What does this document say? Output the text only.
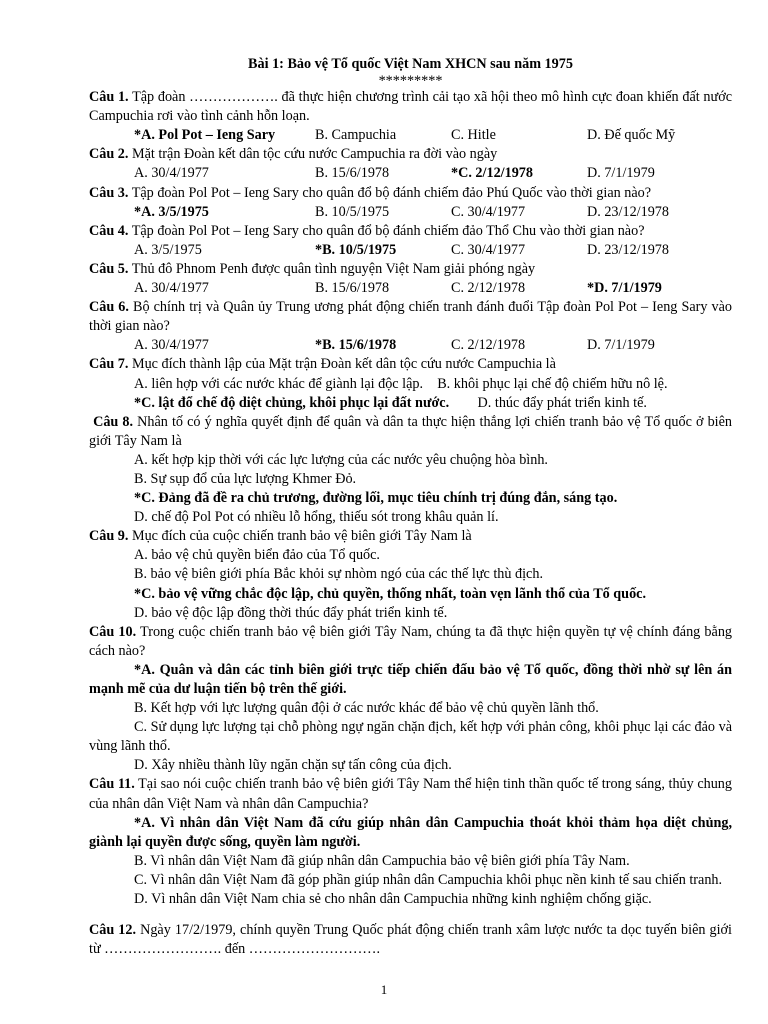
Bài 1: Bảo vệ Tổ quốc Việt Nam XHCN sau năm 1975

*********

Câu 1. Tập đoàn ………………. đã thực hiện chương trình cải tạo xã hội theo mô hình cực đoan khiến đất nước Campuchia rơi vào tình cảnh hỗn loạn.

*A. Pol Pot – Ieng Sary	B. Campuchia	C. Hitle	D. Đế quốc Mỹ

Câu 2. Mặt trận Đoàn kết dân tộc cứu nước Campuchia ra đời vào ngày

A. 30/4/1977	B. 15/6/1978	*C. 2/12/1978	D. 7/1/1979

Câu 3. Tập đoàn Pol Pot – Ieng Sary cho quân đổ bộ đánh chiếm đảo Phú Quốc vào thời gian nào?

*A. 3/5/1975	B. 10/5/1975	C. 30/4/1977	D. 23/12/1978

Câu 4. Tập đoàn Pol Pot – Ieng Sary cho quân đổ bộ đánh chiếm đảo Thổ Chu vào thời gian nào?

A. 3/5/1975	*B. 10/5/1975	C. 30/4/1977	D. 23/12/1978

Câu 5. Thủ đô Phnom Penh được quân tình nguyện Việt Nam giải phóng ngày

A. 30/4/1977	B. 15/6/1978	C. 2/12/1978	*D. 7/1/1979

Câu 6. Bộ chính trị và Quân ủy Trung ương phát động chiến tranh đánh đuổi Tập đoàn Pol Pot – Ieng Sary vào thời gian nào?

A. 30/4/1977	*B. 15/6/1978	C. 2/12/1978	D. 7/1/1979

Câu 7. Mục đích thành lập của Mặt trận Đoàn kết dân tộc cứu nước Campuchia là

A. liên hợp với các nước khác để giành lại độc lập.    B. khôi phục lại chế độ chiếm hữu nô lệ.

*C. lật đổ chế độ diệt chủng, khôi phục lại đất nước.        D. thúc đẩy phát triển kinh tế.

Câu 8. Nhân tố có ý nghĩa quyết định để quân và dân ta thực hiện thắng lợi chiến tranh bảo vệ Tổ quốc ở biên giới Tây Nam là

A. kết hợp kịp thời với các lực lượng của các nước yêu chuộng hòa bình.

B. Sự sụp đổ của lực lượng Khmer Đỏ.

*C. Đảng đã đề ra chủ trương, đường lối, mục tiêu chính trị đúng đắn, sáng tạo.

D. chế độ Pol Pot có nhiều lỗ hổng, thiếu sót trong khâu quản lí.

Câu 9. Mục đích của cuộc chiến tranh bảo vệ biên giới Tây Nam là

A. bảo vệ chủ quyền biển đảo của Tổ quốc.

B. bảo vệ biên giới phía Bắc khỏi sự nhòm ngó của các thế lực thù địch.

*C. bảo vệ vững chắc độc lập, chủ quyền, thống nhất, toàn vẹn lãnh thổ của Tổ quốc.

D. bảo vệ độc lập đồng thời thúc đẩy phát triển kinh tế.

Câu 10. Trong cuộc chiến tranh bảo vệ biên giới Tây Nam, chúng ta đã thực hiện quyền tự vệ chính đáng bằng cách nào?

*A. Quân và dân các tỉnh biên giới trực tiếp chiến đấu bảo vệ Tổ quốc, đồng thời nhờ sự lên án mạnh mẽ của dư luận tiến bộ trên thế giới.

B. Kết hợp với lực lượng quân đội ở các nước khác để bảo vệ chủ quyền lãnh thổ.

C. Sử dụng lực lượng tại chỗ phòng ngự ngăn chặn địch, kết hợp với phản công, khôi phục lại các đảo và vùng lãnh thổ.

D. Xây nhiều thành lũy ngăn chặn sự tấn công của địch.

Câu 11. Tại sao nói cuộc chiến tranh bảo vệ biên giới Tây Nam thể hiện tinh thần quốc tế trong sáng, thủy chung của nhân dân Việt Nam và nhân dân Campuchia?

*A. Vì nhân dân Việt Nam đã cứu giúp nhân dân Campuchia thoát khỏi thảm họa diệt chủng, giành lại quyền được sống, quyền làm người.

B. Vì nhân dân Việt Nam đã giúp nhân dân Campuchia bảo vệ biên giới phía Tây Nam.

C. Vì nhân dân Việt Nam đã góp phần giúp nhân dân Campuchia khôi phục nền kinh tế sau chiến tranh.

D. Vì nhân dân Việt Nam chia sẻ cho nhân dân Campuchia những kinh nghiệm chống giặc.

Câu 12. Ngày 17/2/1979, chính quyền Trung Quốc phát động chiến tranh xâm lược nước ta dọc tuyến biên giới từ ……………………. đến ……………………….

1
